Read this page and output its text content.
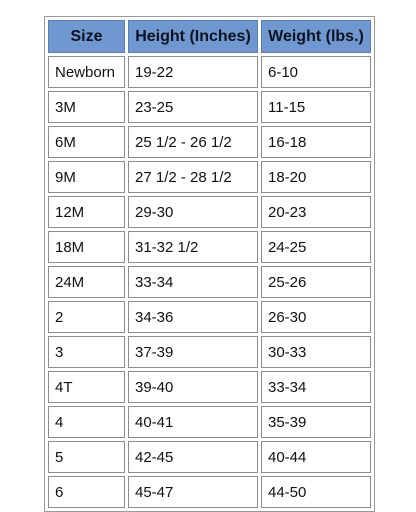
Size	Height (Inches)	Weight (lbs.)
Newborn	19-22	6-10
3M	23-25	11-15
6M	25 1/2 - 26 1/2	16-18
9M	27 1/2 - 28 1/2	18-20
12M	29-30	20-23
18M	31-32 1/2	24-25
24M	33-34	25-26
2	34-36	26-30
3	37-39	30-33
4T	39-40	33-34
4	40-41	35-39
5	42-45	40-44
6	45-47	44-50
